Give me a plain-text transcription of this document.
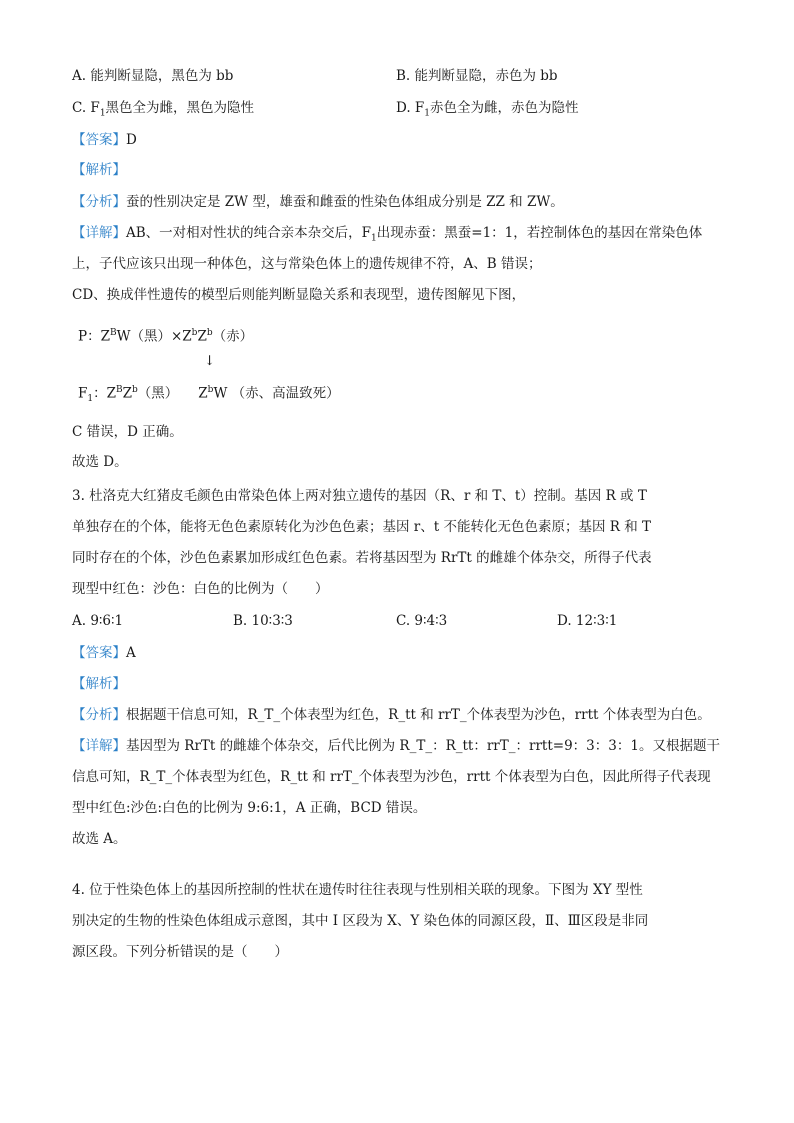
A. 能判断显隐，黑色为 bb	B. 能判断显隐，赤色为 bb
C. $F_1$黑色全为雌，黑色为隐性	D. $F_1$赤色全为雌，赤色为隐性
【答案】D
【解析】
【分析】蚕的性别决定是 ZW 型，雄蚕和雌蚕的性染色体组成分别是 ZZ 和 ZW。
【详解】AB、一对相对性状的纯合亲本杂交后，$F_1$出现赤蚕：黑蚕=1：1，若控制体色的基因在常染色体
上，子代应该只出现一种体色，这与常染色体上的遗传规律不符，A、B 错误；
CD、换成伴性遗传的模型后则能判断显隐关系和表现型，遗传图解见下图，
P：$Z^BW$（黑）$\times Z^bZ^b$（赤）
↓
$F_1$：$Z^BZ^b$（黑） $Z^bW$ （赤、高温致死）
C 错误，D 正确。
故选 D。
3. 杜洛克大红猪皮毛颜色由常染色体上两对独立遗传的基因（R、r 和 T、t）控制。基因 R 或 T
单独存在的个体，能将无色色素原转化为沙色色素；基因 r、t 不能转化无色色素原；基因 R 和 T
同时存在的个体，沙色色素累加形成红色色素。若将基因型为 RrTt 的雌雄个体杂交，所得子代表
现型中红色：沙色：白色的比例为（　　）
A. 9∶6∶1	B. 10∶3∶3	C. 9∶4∶3	D. 12∶3∶1
【答案】A
【解析】
【分析】根据题干信息可知，R_T_个体表型为红色，R_tt 和 rrT_个体表型为沙色，rrtt 个体表型为白色。
【详解】基因型为 RrTt 的雌雄个体杂交，后代比例为 R_T_：R_tt：rrT_：rrtt=9：3：3：1。又根据题干
信息可知，R_T_个体表型为红色，R_tt 和 rrT_个体表型为沙色，rrtt 个体表型为白色，因此所得子代表现
型中红色:沙色:白色的比例为 9:6:1，A 正确，BCD 错误。
故选 A。
4. 位于性染色体上的基因所控制的性状在遗传时往往表现与性别相关联的现象。下图为 XY 型性
别决定的生物的性染色体组成示意图，其中 I 区段为 X、Y 染色体的同源区段，Ⅱ、Ⅲ区段是非同
源区段。下列分析错误的是（　　）
